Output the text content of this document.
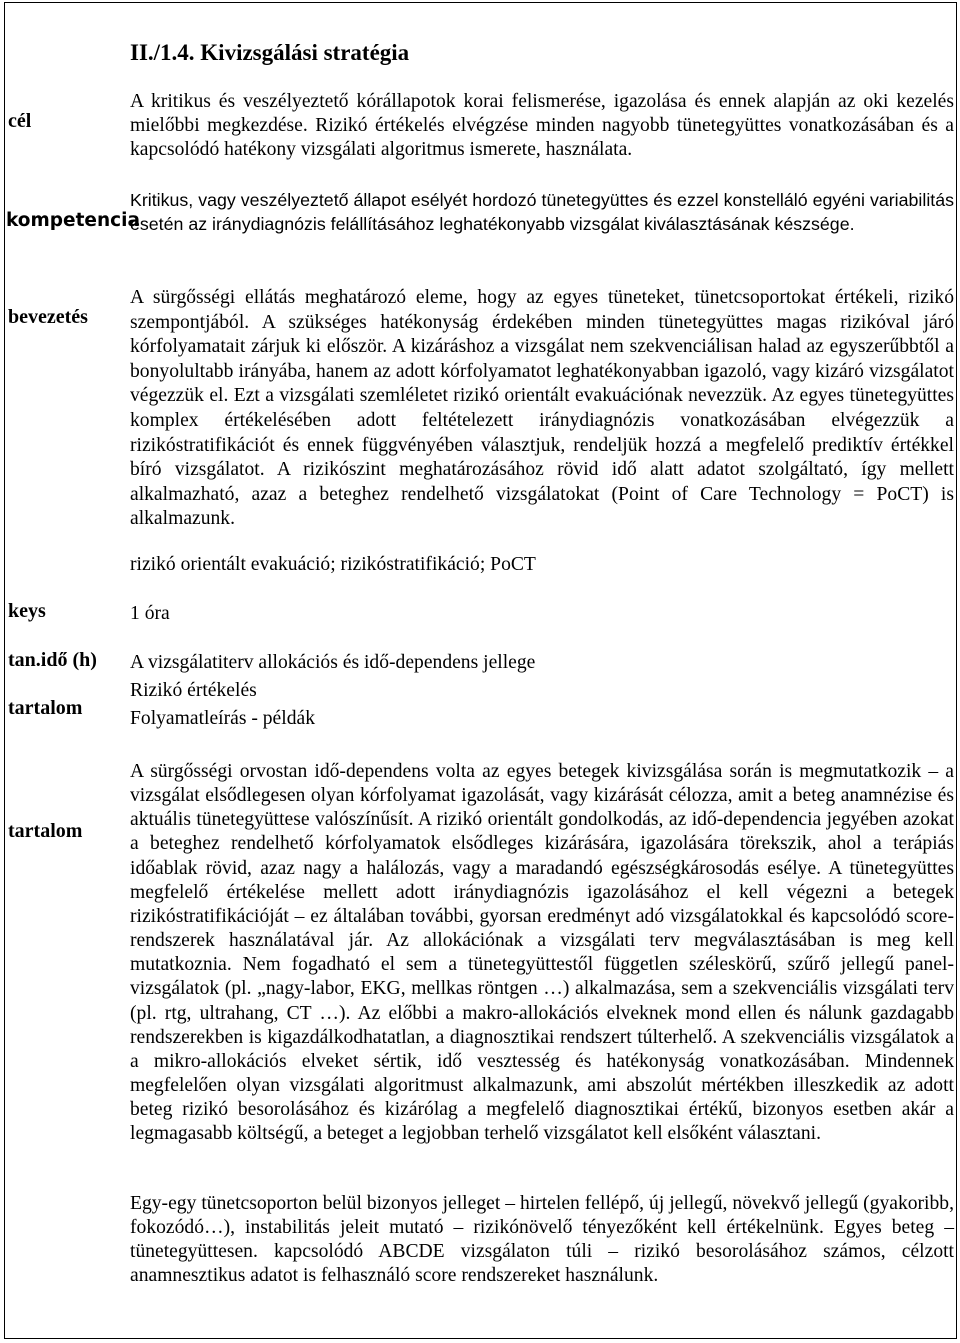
II./1.4. Kivizsgálási stratégia
cél

A kritikus és veszélyeztető kórállapotok korai felismerése, igazolása és ennek alapján az oki kezelés mielőbbi megkezdése. Rizikó értékelés elvégzése minden nagyobb tünetegyüttes vonatkozásában és a kapcsolódó hatékony vizsgálati algoritmus ismerete, használata.

kompetencia

Kritikus, vagy veszélyeztető állapot esélyét hordozó tünetegyüttes és ezzel konstelláló egyéni variabilitás esetén az iránydiagnózis felállításához leghatékonyabb vizsgálat kiválasztásának készsége.

bevezetés

A sürgősségi ellátás meghatározó eleme, hogy az egyes tüneteket, tünetcsoportokat értékeli, rizikó szempontjából. A szükséges hatékonyság érdekében minden tünetegyüttes magas rizikóval járó kórfolyamatait zárjuk ki először. A kizáráshoz a vizsgálat nem szekvenciálisan halad az egyszerűbbtől a bonyolultabb irányába, hanem az adott kórfolyamatot leghatékonyabban igazoló, vagy kizáró vizsgálatot végezzük el. Ezt a vizsgálati szemléletet rizikó orientált evakuációnak nevezzük. Az egyes tünetegyüttes komplex értékelésében adott feltételezett iránydiagnózis vonatkozásában elvégezzük a rizikóstratifikációt és ennek függvényében választjuk, rendeljük hozzá a megfelelő prediktív értékkel bíró vizsgálatot. A rizikószint meghatározásához rövid idő alatt adatot szolgáltató, így mellett alkalmazható, azaz a beteghez rendelhető vizsgálatokat (Point of Care Technology = PoCT) is alkalmazunk.

rizikó orientált evakuáció; rizikóstratifikáció; PoCT

keys	1 óra

tan.idő (h)
tartalom

A vizsgálatiterv allokációs és idő-dependens jellege

Rizikó értékelés

Folyamatleírás - példák

tartalom

A sürgősségi orvostan idő-dependens volta az egyes betegek kivizsgálása során is megmutatkozik – a vizsgálat elsődlegesen olyan kórfolyamat igazolását, vagy kizárását célozza, amit a beteg anamnézise és aktuális tünetegyüttese valószínűsít. A rizikó orientált gondolkodás, az idő-dependencia jegyében azokat a beteghez rendelhető kórfolyamatok elsődleges kizárására, igazolására törekszik, ahol a terápiás időablak rövid, azaz nagy a halálozás, vagy a maradandó egészségkárosodás esélye. A tünetegyüttes megfelelő értékelése mellett adott iránydiagnózis igazolásához el kell végezni a betegek rizikóstratifikációját – ez általában további, gyorsan eredményt adó vizsgálatokkal és kapcsolódó score-rendszerek használatával jár. Az allokációnak a vizsgálati terv megválasztásában is meg kell mutatkoznia. Nem fogadható el sem a tünetegyüttestől független széleskörű, szűrő jellegű panel-vizsgálatok (pl. „nagy-labor, EKG, mellkas röntgen …) alkalmazása, sem a szekvenciális vizsgálati terv (pl. rtg, ultrahang, CT …). Az előbbi a makro-allokációs elveknek mond ellen és nálunk gazdagabb rendszerekben is kigazdálkodhatatlan, a diagnosztikai rendszert túlterhelő. A szekvenciális vizsgálatok a a mikro-allokációs elveket sértik, idő vesztesség és hatékonyság vonatkozásában. Mindennek megfelelően olyan vizsgálati algoritmust alkalmazunk, ami abszolút mértékben illeszkedik az adott beteg rizikó besorolásához és kizárólag a megfelelő diagnosztikai értékű, bizonyos esetben akár a legmagasabb költségű, a beteget a legjobban terhelő vizsgálatot kell elsőként választani.

Egy-egy tünetcsoporton belül bizonyos jelleget – hirtelen fellépő, új jellegű, növekvő jellegű (gyakoribb, fokozódó…), instabilitás jeleit mutató – rizikónövelő tényezőként kell értékelnünk. Egyes beteg – tünetegyüttesen. kapcsolódó ABCDE vizsgálaton túli – rizikó besorolásához számos, célzott anamnesztikus adatot is felhasználó score rendszereket használunk.
